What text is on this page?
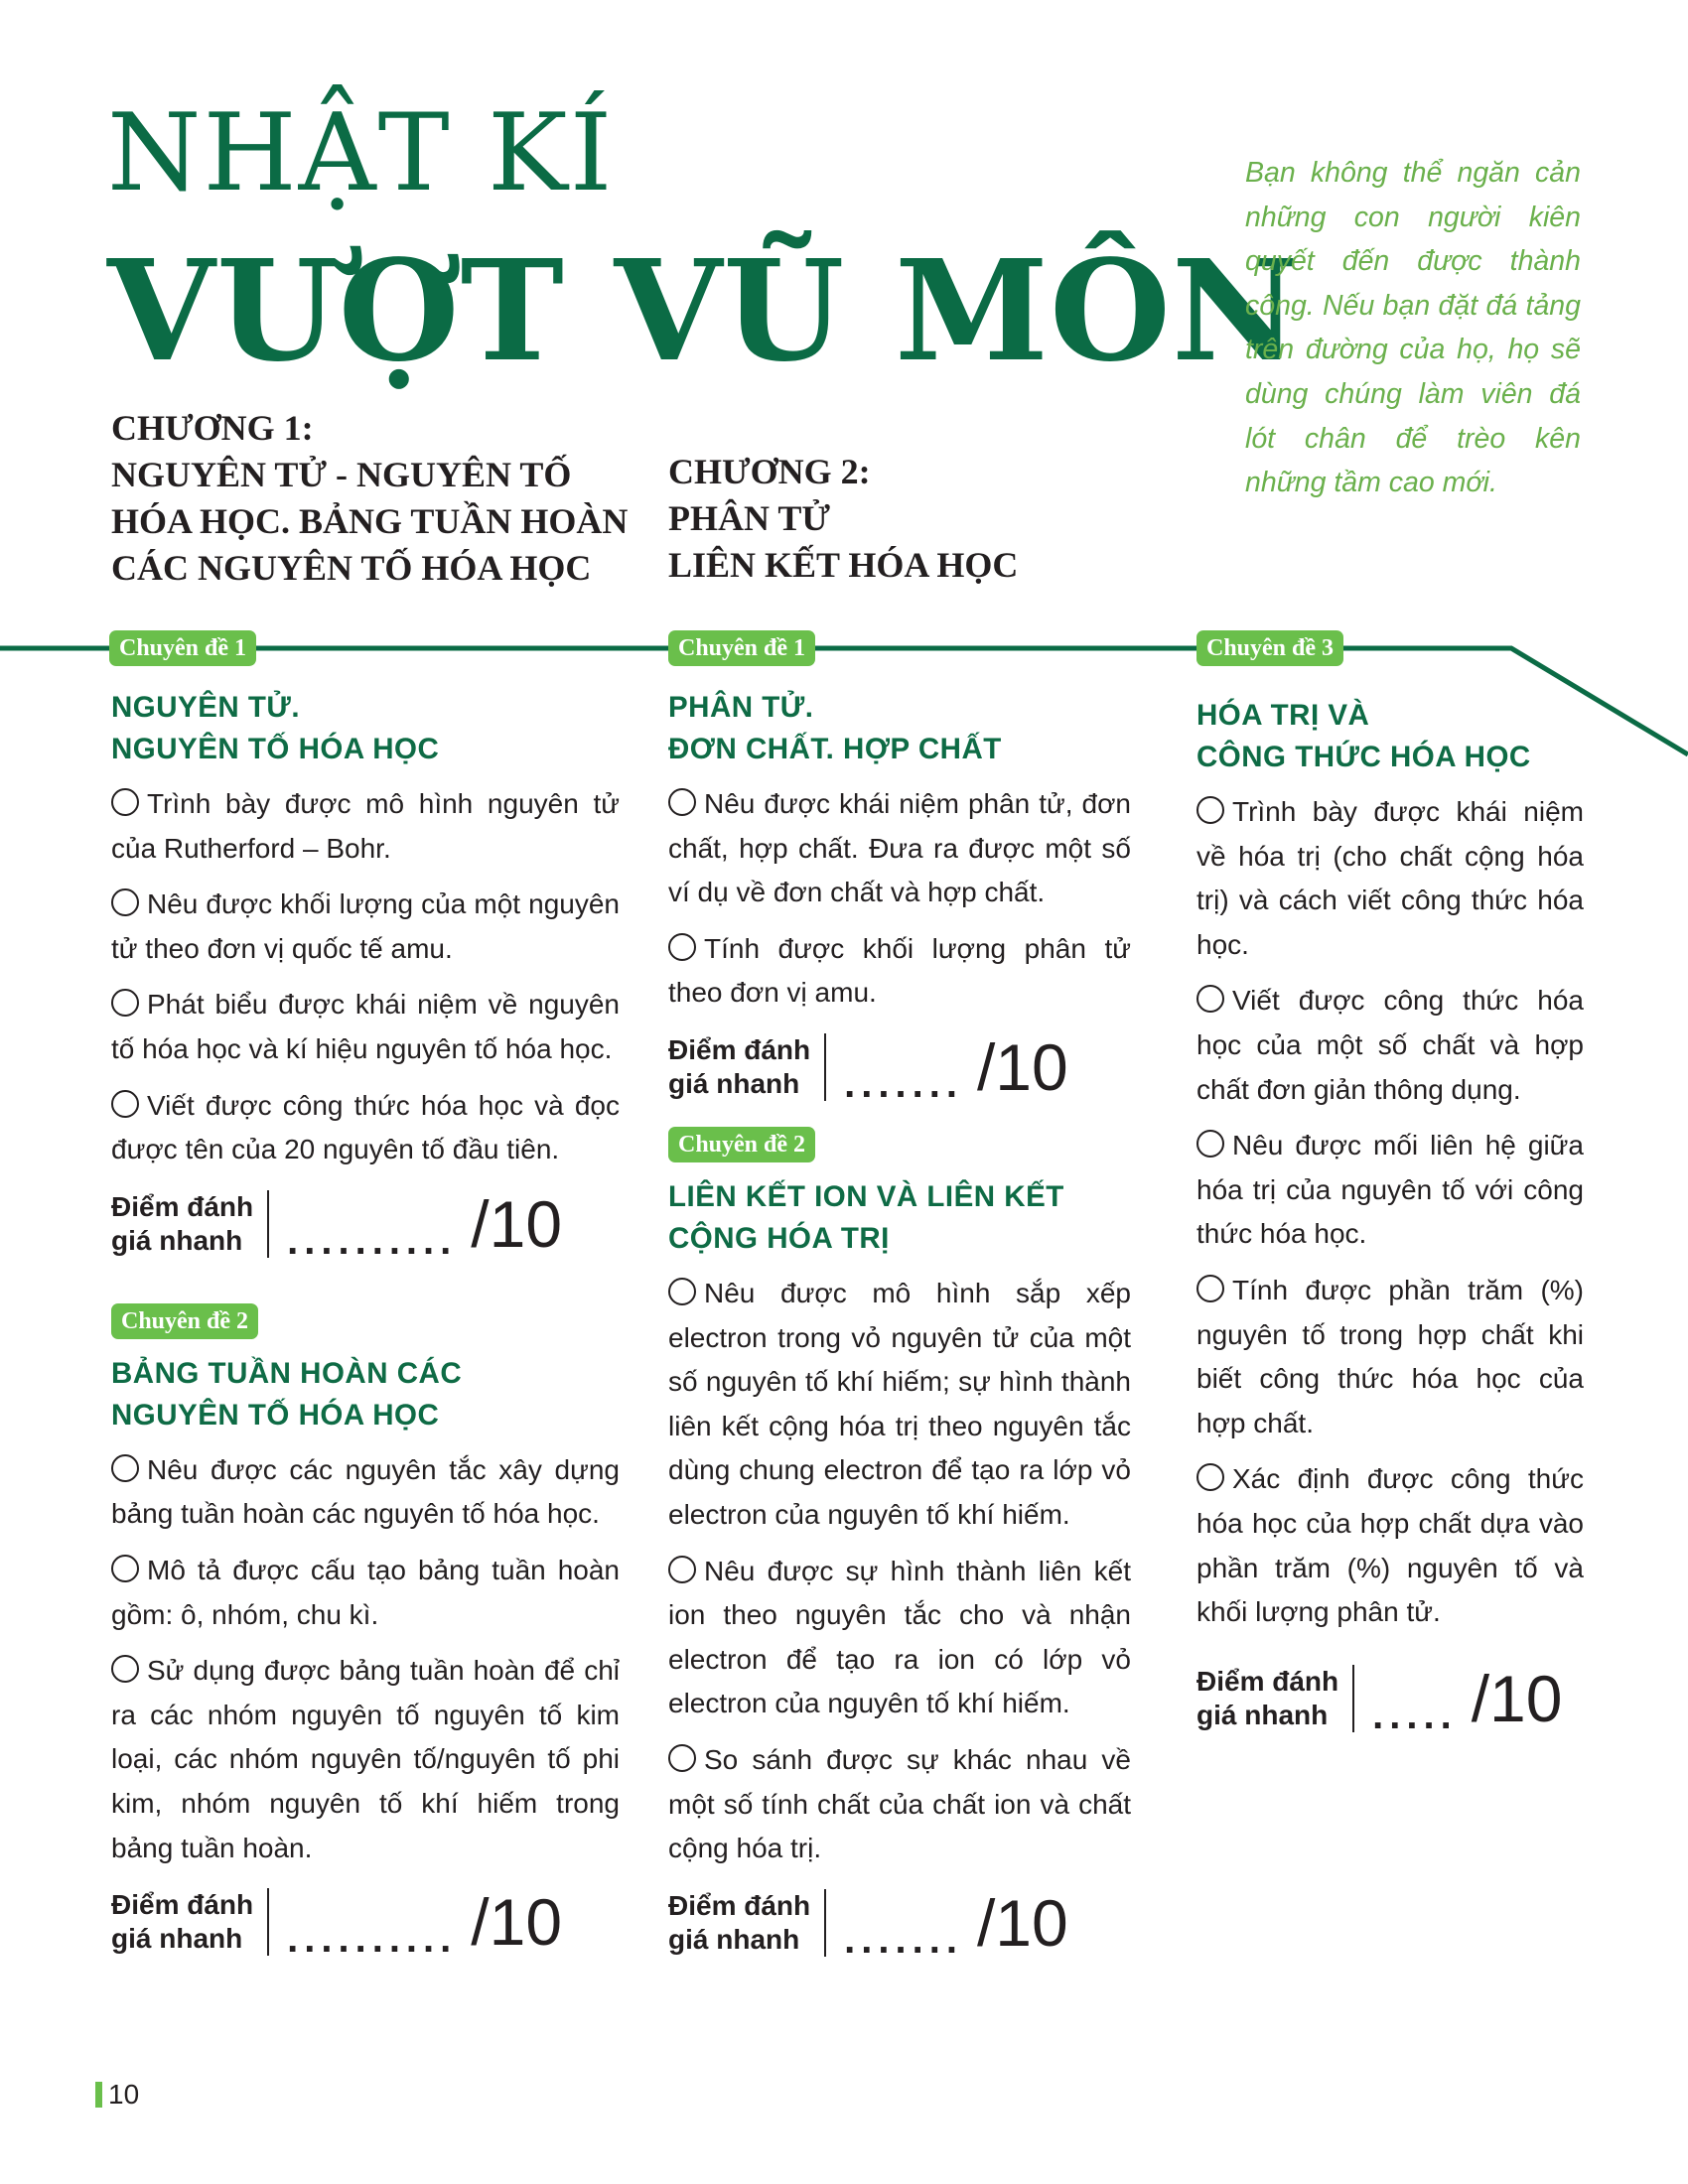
NHẬT KÍ
VƯỢT VŨ MÔN
Bạn không thể ngăn cản những con người kiên quyết đến được thành công. Nếu bạn đặt đá tảng trên đường của họ, họ sẽ dùng chúng làm viên đá lót chân để trèo kên những tầm cao mới.
CHƯƠNG 1:
NGUYÊN TỬ - NGUYÊN TỐ
HÓA HỌC. BẢNG TUẦN HOÀN
CÁC NGUYÊN TỐ HÓA HỌC
CHƯƠNG 2:
PHÂN TỬ
LIÊN KẾT HÓA HỌC
Chuyên đề 1	Chuyên đề 1	Chuyên đề 3
NGUYÊN TỬ.
NGUYÊN TỐ HÓA HỌC
Trình bày được mô hình nguyên tử của Rutherford – Bohr.
Nêu được khối lượng của một nguyên tử theo đơn vị quốc tế amu.
Phát biểu được khái niệm về nguyên tố hóa học và kí hiệu nguyên tố hóa học.
Viết được công thức hóa học và đọc được tên của 20 nguyên tố đầu tiên.
Điểm đánh
giá nhanh .......... /10
Chuyên đề 2
BẢNG TUẦN HOÀN CÁC
NGUYÊN TỐ HÓA HỌC
Nêu được các nguyên tắc xây dựng bảng tuần hoàn các nguyên tố hóa học.
Mô tả được cấu tạo bảng tuần hoàn gồm: ô, nhóm, chu kì.
Sử dụng được bảng tuần hoàn để chỉ ra các nhóm nguyên tố nguyên tố kim loại, các nhóm nguyên tố/nguyên tố phi kim, nhóm nguyên tố khí hiếm trong bảng tuần hoàn.
Điểm đánh
giá nhanh .......... /10
PHÂN TỬ.
ĐƠN CHẤT. HỢP CHẤT
Nêu được khái niệm phân tử, đơn chất, hợp chất. Đưa ra được một số ví dụ về đơn chất và hợp chất.
Tính được khối lượng phân tử theo đơn vị amu.
Điểm đánh
giá nhanh ....... /10
Chuyên đề 2
LIÊN KẾT ION VÀ LIÊN KẾT
CỘNG HÓA TRỊ
Nêu được mô hình sắp xếp electron trong vỏ nguyên tử của một số nguyên tố khí hiếm; sự hình thành liên kết cộng hóa trị theo nguyên tắc dùng chung electron để tạo ra lớp vỏ electron của nguyên tố khí hiếm.
Nêu được sự hình thành liên kết ion theo nguyên tắc cho và nhận electron để tạo ra ion có lớp vỏ electron của nguyên tố khí hiếm.
So sánh được sự khác nhau về một số tính chất của chất ion và chất cộng hóa trị.
Điểm đánh
giá nhanh ....... /10
HÓA TRỊ VÀ
CÔNG THỨC HÓA HỌC
Trình bày được khái niệm về hóa trị (cho chất cộng hóa trị) và cách viết công thức hóa học.
Viết được công thức hóa học của một số chất và hợp chất đơn giản thông dụng.
Nêu được mối liên hệ giữa hóa trị của nguyên tố với công thức hóa học.
Tính được phần trăm (%) nguyên tố trong hợp chất khi biết công thức hóa học của hợp chất.
Xác định được công thức hóa học của hợp chất dựa vào phần trăm (%) nguyên tố và khối lượng phân tử.
Điểm đánh
giá nhanh ..... /10
10
